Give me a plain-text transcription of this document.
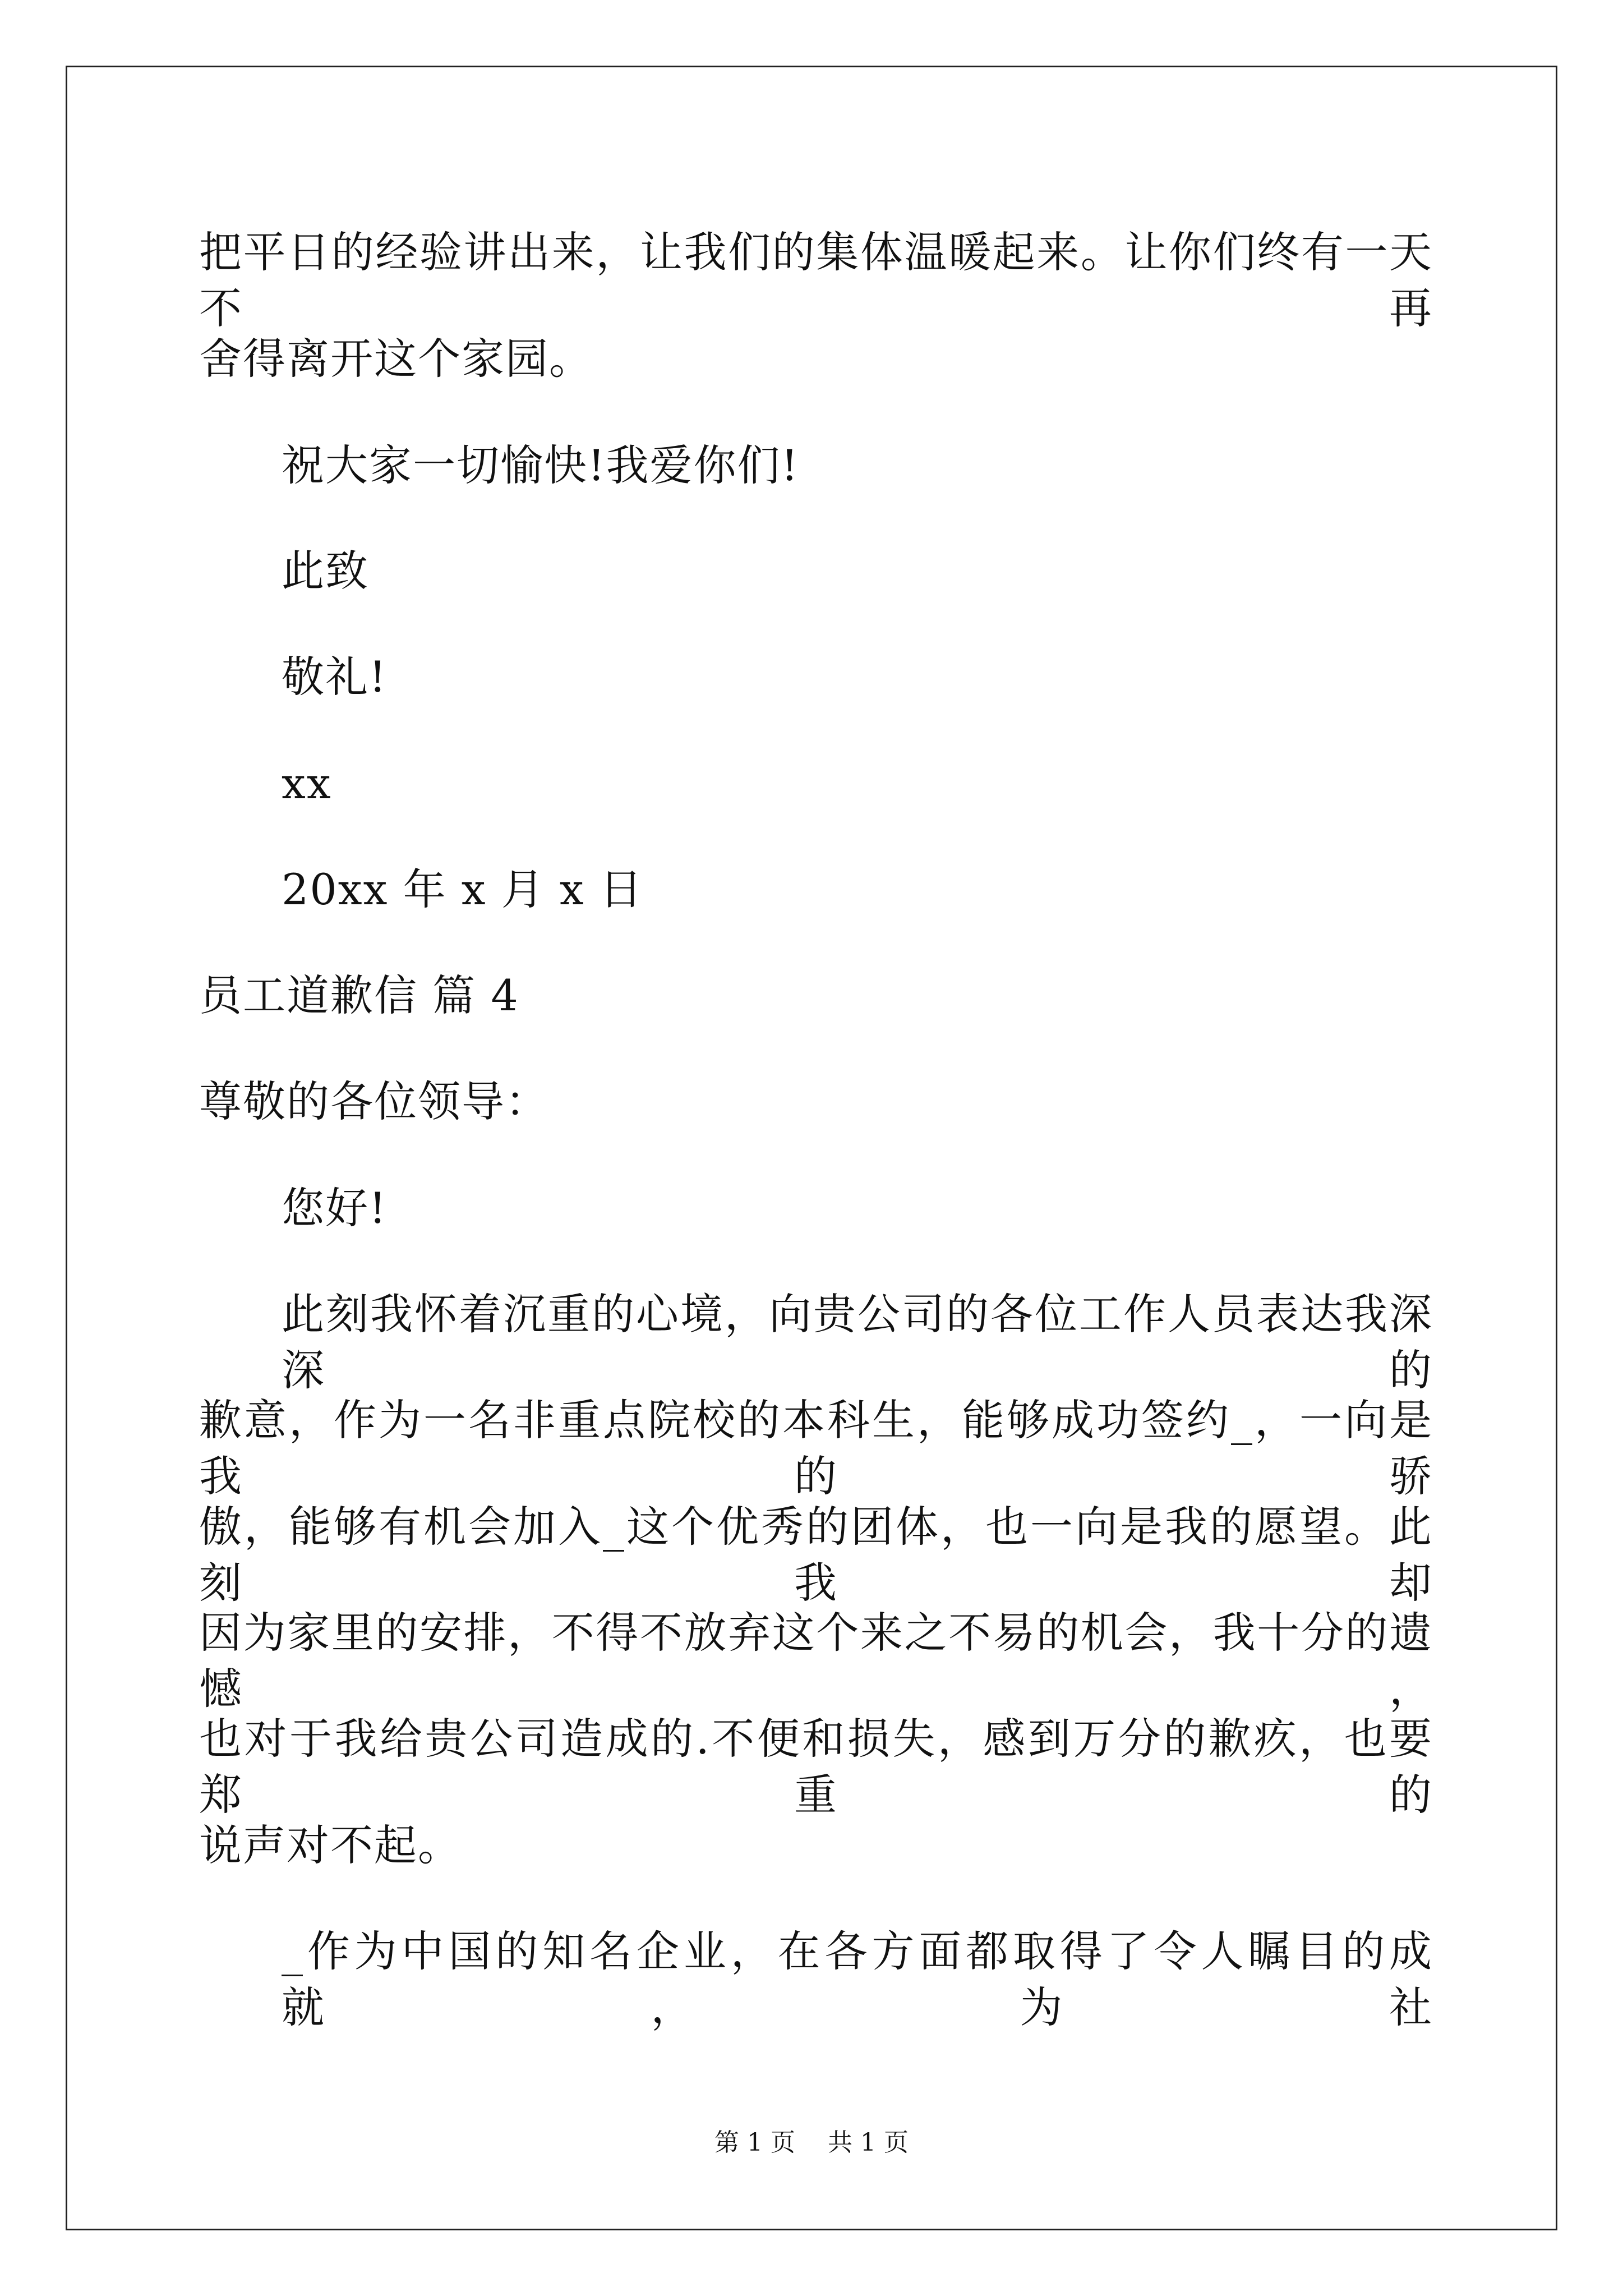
把平日的经验讲出来，让我们的集体温暖起来。让你们终有一天不再
舍得离开这个家园。
祝大家一切愉快!我爱你们!
此致
敬礼!
xx
20xx 年 x 月 x 日
员工道歉信 篇 4
尊敬的各位领导：
您好!
此刻我怀着沉重的心境，向贵公司的各位工作人员表达我深深的
歉意，作为一名非重点院校的本科生，能够成功签约_，一向是我的骄
傲，能够有机会加入_这个优秀的团体，也一向是我的愿望。此刻我却
因为家里的安排，不得不放弃这个来之不易的机会，我十分的遗憾，
也对于我给贵公司造成的.不便和损失，感到万分的歉疚，也要郑重的
说声对不起。
_作为中国的知名企业，在各方面都取得了令人瞩目的成就，为社
第 1 页　 共 1 页
